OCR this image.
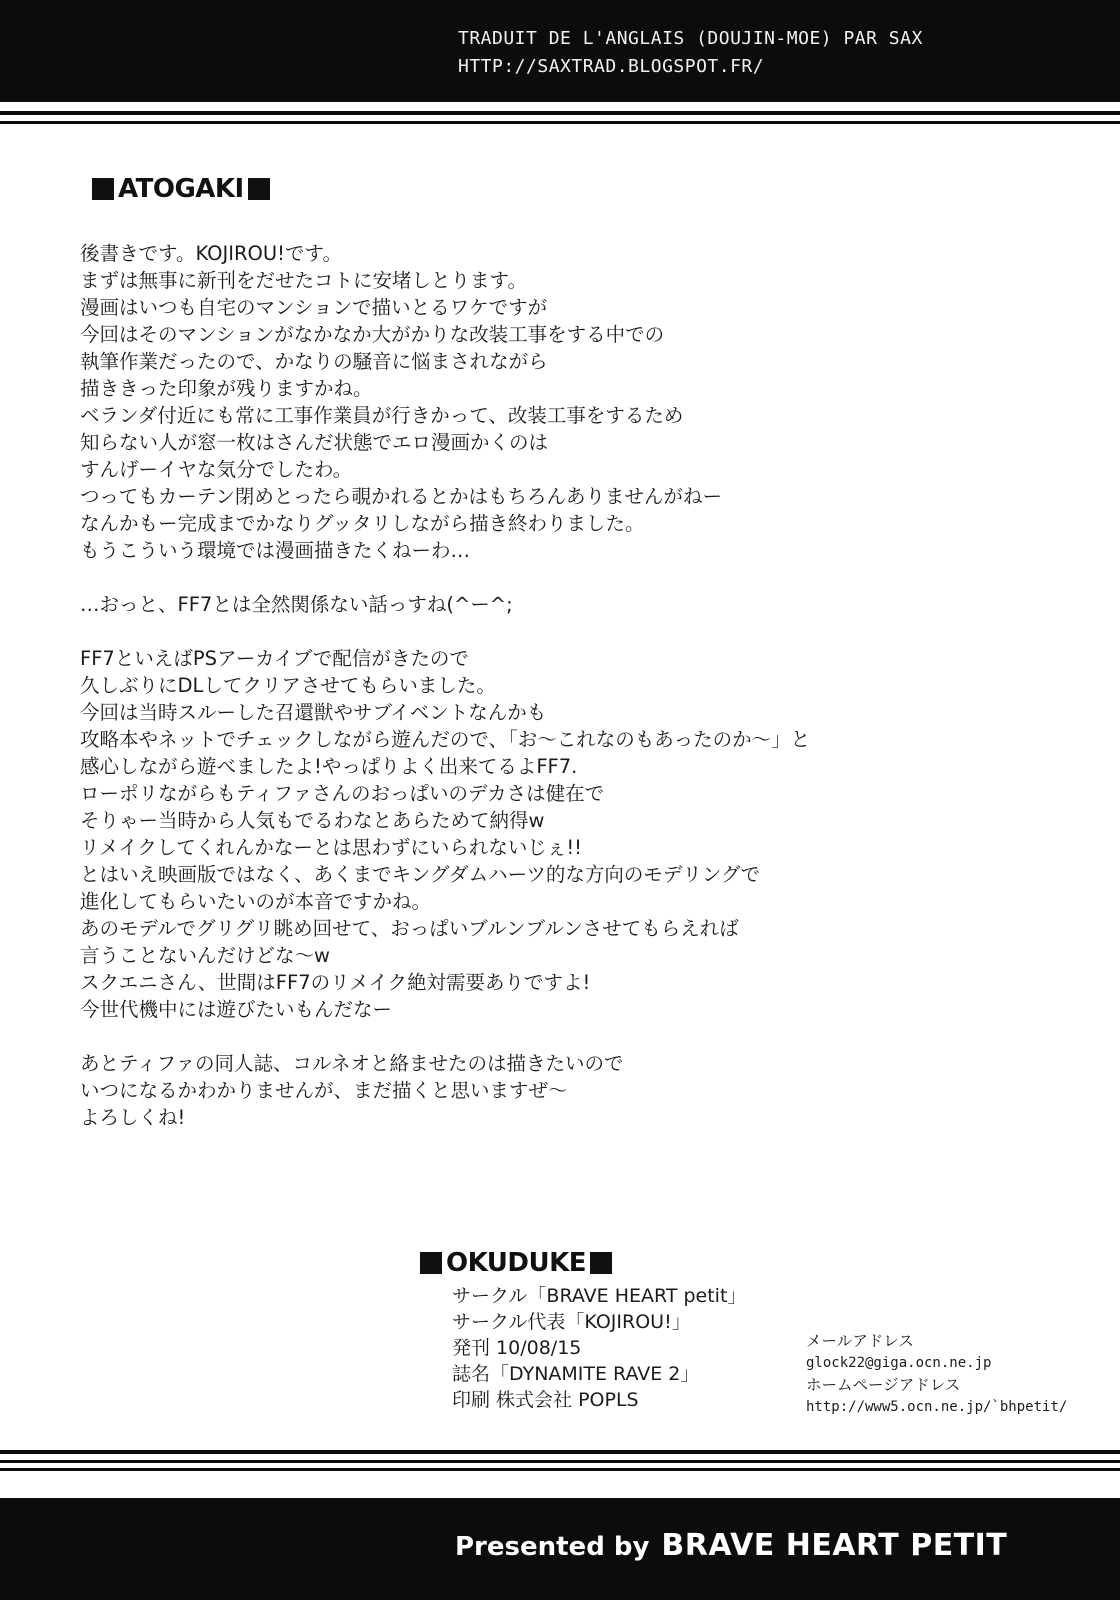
TRADUIT DE L'ANGLAIS (DOUJIN-MOE) PAR SAX
HTTP://SAXTRAD.BLOGSPOT.FR/
ATOGAKI
後書きです。KOJIROU!です。
まずは無事に新刊をだせたコトに安堵しとります。
漫画はいつも自宅のマンションで描いとるワケですが
今回はそのマンションがなかなか大がかりな改装工事をする中での
執筆作業だったので、かなりの騒音に悩まされながら
描ききった印象が残りますかね。
ベランダ付近にも常に工事作業員が行きかって、改装工事をするため
知らない人が窓一枚はさんだ状態でエロ漫画かくのは
すんげーイヤな気分でしたわ。
つってもカーテン閉めとったら覗かれるとかはもちろんありませんがねー
なんかもー完成までかなりグッタリしながら描き終わりました。
もうこういう環境では漫画描きたくねーわ…
…おっと、FF7とは全然関係ない話っすね(^ー^;
FF7といえばPSアーカイブで配信がきたので
久しぶりにDLしてクリアさせてもらいました。
今回は当時スルーした召還獣やサブイベントなんかも
攻略本やネットでチェックしながら遊んだので、「お～これなのもあったのか～」と
感心しながら遊べましたよ!やっぱりよく出来てるよFF7.
ローポリながらもティファさんのおっぱいのデカさは健在で
そりゃー当時から人気もでるわなとあらためて納得w
リメイクしてくれんかなーとは思わずにいられないじぇ!!
とはいえ映画版ではなく、あくまでキングダムハーツ的な方向のモデリングで
進化してもらいたいのが本音ですかね。
あのモデルでグリグリ眺め回せて、おっぱいブルンブルンさせてもらえれば
言うことないんだけどな～w
スクエニさん、世間はFF7のリメイク絶対需要ありですよ!
今世代機中には遊びたいもんだなー
あとティファの同人誌、コルネオと絡ませたのは描きたいので
いつになるかわかりませんが、まだ描くと思いますぜ～
よろしくね!
OKUDUKE
サークル「BRAVE HEART petit」
サークル代表「KOJIROU!」
発刊 10/08/15
誌名「DYNAMITE RAVE 2」
印刷 株式会社 POPLS
メールアドレス
glock22@giga.ocn.ne.jp
ホームページアドレス
http://www5.ocn.ne.jp/`bhpetit/
Presented by BRAVE HEART PETIT
